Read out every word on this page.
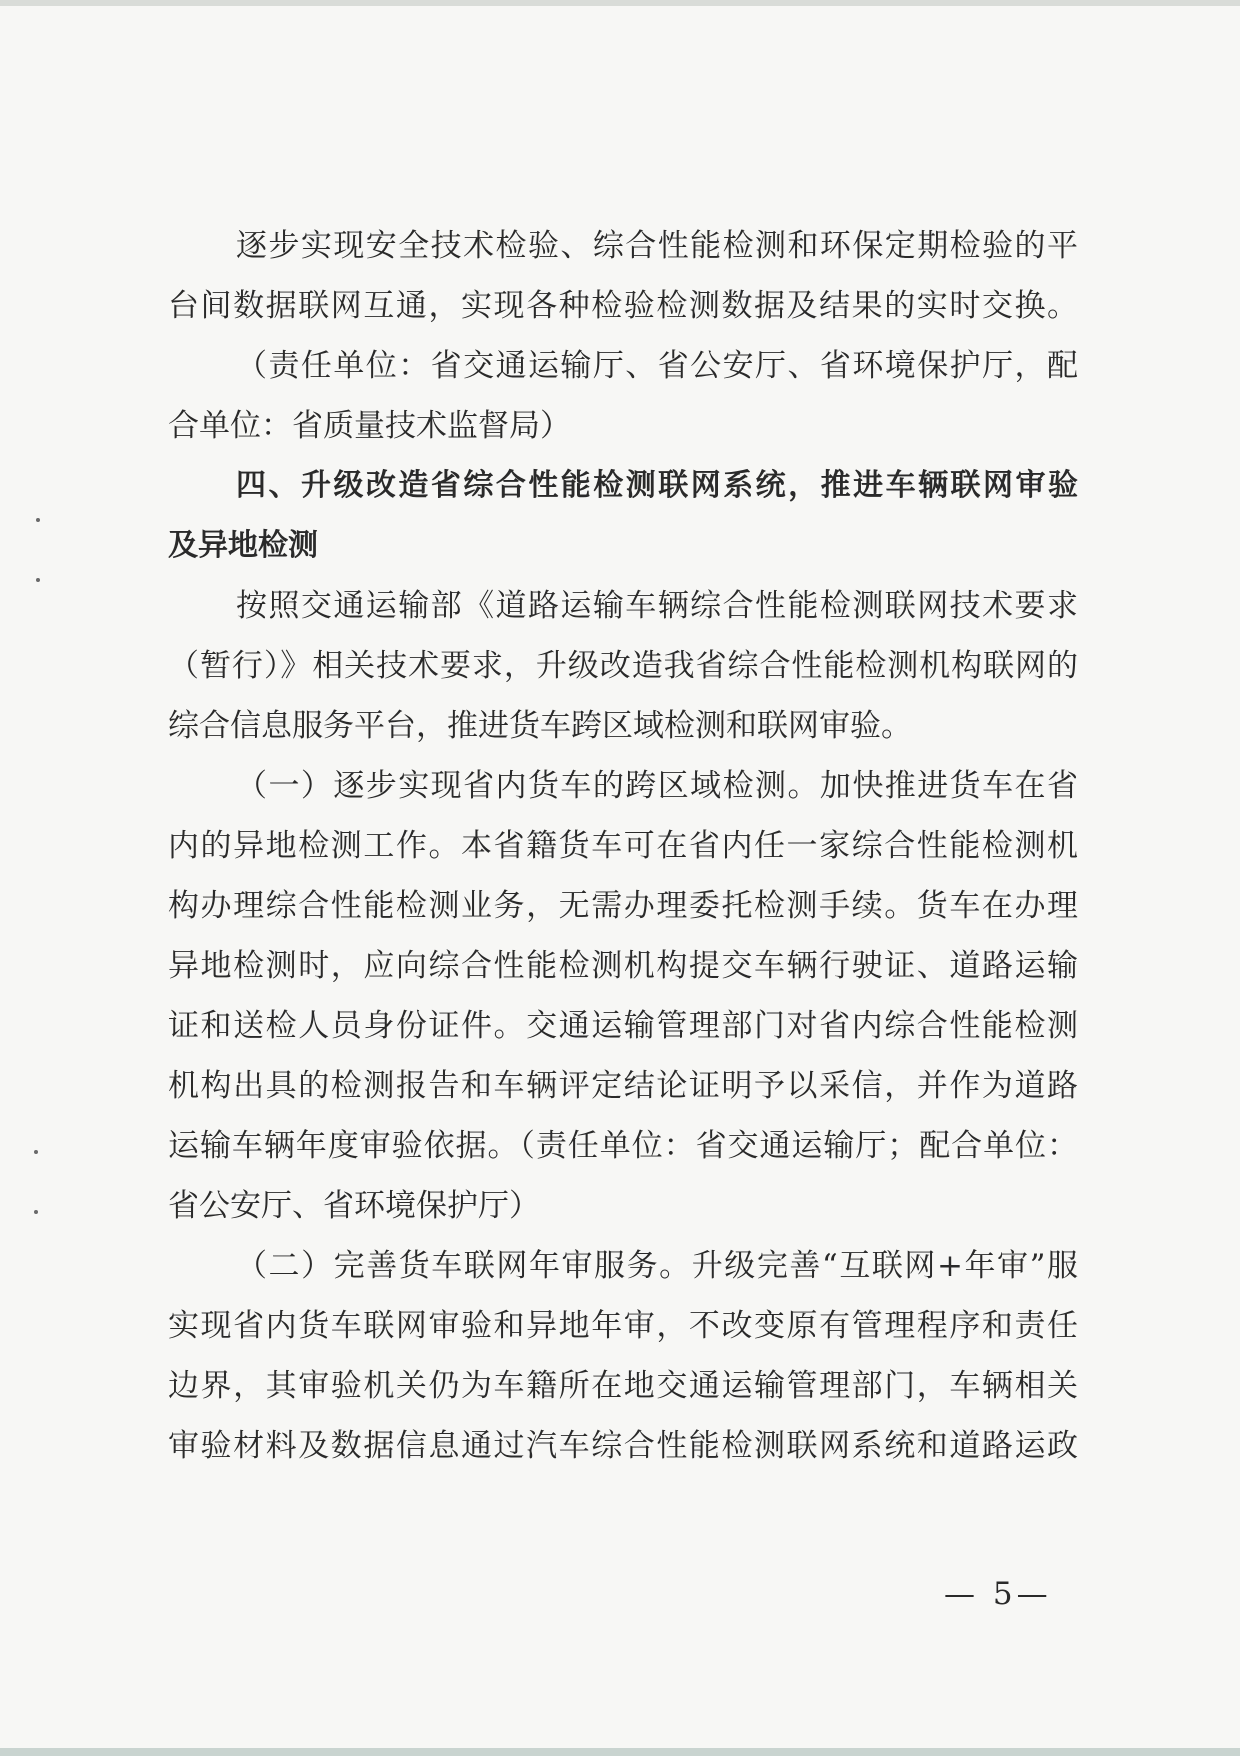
逐步实现安全技术检验、综合性能检测和环保定期检验的平
台间数据联网互通，实现各种检验检测数据及结果的实时交换。
（责任单位：省交通运输厅、省公安厅、省环境保护厅，配
合单位：省质量技术监督局）
四、升级改造省综合性能检测联网系统，推进车辆联网审验
及异地检测
按照交通运输部《道路运输车辆综合性能检测联网技术要求
（暂行）》相关技术要求，升级改造我省综合性能检测机构联网的
综合信息服务平台，推进货车跨区域检测和联网审验。
（一）逐步实现省内货车的跨区域检测。加快推进货车在省
内的异地检测工作。本省籍货车可在省内任一家综合性能检测机
构办理综合性能检测业务，无需办理委托检测手续。货车在办理
异地检测时，应向综合性能检测机构提交车辆行驶证、道路运输
证和送检人员身份证件。交通运输管理部门对省内综合性能检测
机构出具的检测报告和车辆评定结论证明予以采信，并作为道路
运输车辆年度审验依据。（责任单位：省交通运输厅；配合单位：
省公安厅、省环境保护厅）
（二）完善货车联网年审服务。升级完善“互联网+年审”服
实现省内货车联网审验和异地年审，不改变原有管理程序和责任
边界，其审验机关仍为车籍所在地交通运输管理部门，车辆相关
审验材料及数据信息通过汽车综合性能检测联网系统和道路运政
— 5—
